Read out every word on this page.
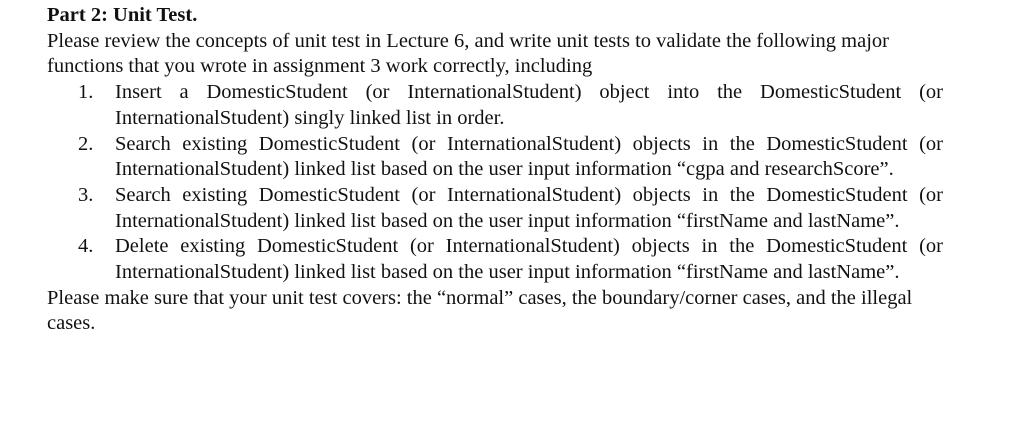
Part 2: Unit Test.

Please review the concepts of unit test in Lecture 6, and write unit tests to validate the following major functions that you wrote in assignment 3 work correctly, including

1.	Insert a DomesticStudent (or InternationalStudent) object into the DomesticStudent (or InternationalStudent) singly linked list in order.
2.	Search existing DomesticStudent (or InternationalStudent) objects in the DomesticStudent (or InternationalStudent) linked list based on the user input information “cgpa and researchScore”.
3.	Search existing DomesticStudent (or InternationalStudent) objects in the DomesticStudent (or InternationalStudent) linked list based on the user input information “firstName and lastName”.
4.	Delete existing DomesticStudent (or InternationalStudent) objects in the DomesticStudent (or InternationalStudent) linked list based on the user input information “firstName and lastName”.

Please make sure that your unit test covers: the “normal” cases, the boundary/corner cases, and the illegal cases.
